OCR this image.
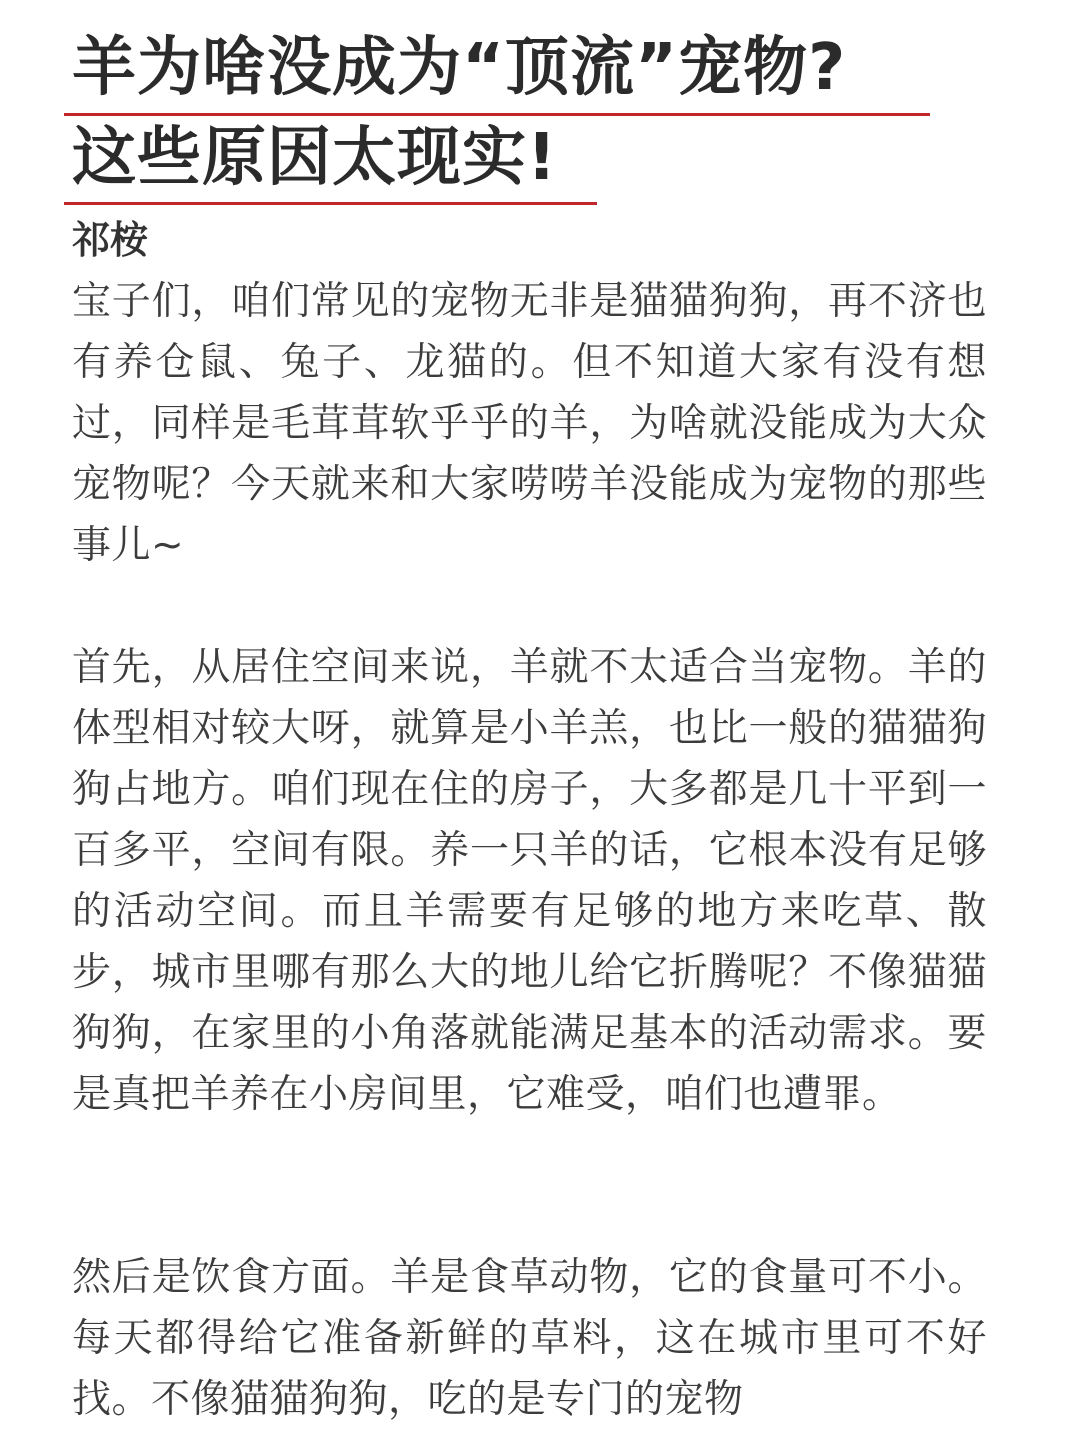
羊为啥没成为“顶流”宠物?
这些原因太现实!
祁桉
宝子们，咱们常见的宠物无非是猫猫狗狗，再不济也有养仓鼠、兔子、龙猫的。但不知道大家有没有想过，同样是毛茸茸软乎乎的羊，为啥就没能成为大众宠物呢？今天就来和大家唠唠羊没能成为宠物的那些事儿~
首先，从居住空间来说，羊就不太适合当宠物。羊的体型相对较大呀，就算是小羊羔，也比一般的猫猫狗狗占地方。咱们现在住的房子，大多都是几十平到一百多平，空间有限。养一只羊的话，它根本没有足够的活动空间。而且羊需要有足够的地方来吃草、散步，城市里哪有那么大的地儿给它折腾呢？不像猫猫狗狗，在家里的小角落就能满足基本的活动需求。要是真把羊养在小房间里，它难受，咱们也遭罪。
然后是饮食方面。羊是食草动物，它的食量可不小。每天都得给它准备新鲜的草料，这在城市里可不好找。不像猫猫狗狗，吃的是专门的宠物
